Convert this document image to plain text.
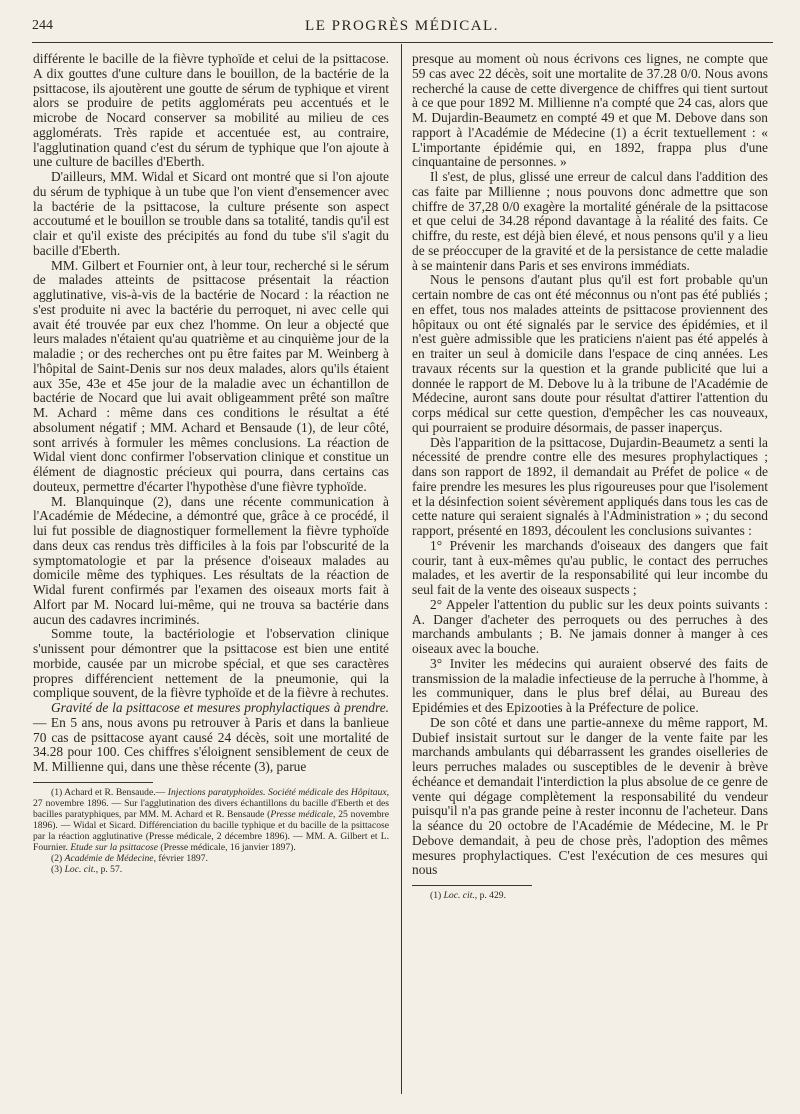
244	LE PROGRÈS MÉDICAL.

différente le bacille de la fièvre typhoïde et celui de la psittacose. A dix gouttes d'une culture dans le bouillon, de la bactérie de la psittacose, ils ajoutèrent une goutte de sérum de typhique et virent alors se produire de petits agglomérats peu accentués et le microbe de Nocard conserver sa mobilité au milieu de ces agglomérats. Très rapide et accentuée est, au contraire, l'agglutination quand c'est du sérum de typhique que l'on ajoute à une culture de bacilles d'Eberth.

D'ailleurs, MM. Widal et Sicard ont montré que si l'on ajoute du sérum de typhique à un tube que l'on vient d'ensemencer avec la bactérie de la psittacose, la culture présente son aspect accoutumé et le bouillon se trouble dans sa totalité, tandis qu'il est clair et qu'il existe des précipités au fond du tube s'il s'agit du bacille d'Eberth.

MM. Gilbert et Fournier ont, à leur tour, recherché si le sérum de malades atteints de psittacose présentait la réaction agglutinative, vis-à-vis de la bactérie de Nocard : la réaction ne s'est produite ni avec la bactérie du perroquet, ni avec celle qui avait été trouvée par eux chez l'homme. On leur a objecté que leurs malades n'étaient qu'au quatrième et au cinquième jour de la maladie ; or des recherches ont pu être faites par M. Weinberg à l'hôpital de Saint-Denis sur nos deux malades, alors qu'ils étaient aux 35e, 43e et 45e jour de la maladie avec un échantillon de bactérie de Nocard que lui avait obligeamment prêté son maître M. Achard : même dans ces conditions le résultat a été absolument négatif ; MM. Achard et Bensaude (1), de leur côté, sont arrivés à formuler les mêmes conclusions. La réaction de Widal vient donc confirmer l'observation clinique et constitue un élément de diagnostic précieux qui pourra, dans certains cas douteux, permettre d'écarter l'hypothèse d'une fièvre typhoïde.

M. Blanquinque (2), dans une récente communication à l'Académie de Médecine, a démontré que, grâce à ce procédé, il lui fut possible de diagnostiquer formellement la fièvre typhoïde dans deux cas rendus très difficiles à la fois par l'obscurité de la symptomatologie et par la présence d'oiseaux malades au domicile même des typhiques. Les résultats de la réaction de Widal furent confirmés par l'examen des oiseaux morts fait à Alfort par M. Nocard lui-même, qui ne trouva sa bactérie dans aucun des cadavres incriminés.

Somme toute, la bactériologie et l'observation clinique s'unissent pour démontrer que la psittacose est bien une entité morbide, causée par un microbe spécial, et que ses caractères propres différencient nettement de la pneumonie, qui la complique souvent, de la fièvre typhoïde et de la fièvre à rechutes.

Gravité de la psittacose et mesures prophylactiques à prendre. — En 5 ans, nous avons pu retrouver à Paris et dans la banlieue 70 cas de psittacose ayant causé 24 décès, soit une mortalité de 34.28 pour 100. Ces chiffres s'éloignent sensiblement de ceux de M. Millienne qui, dans une thèse récente (3), parue

(1) Achard et R. Bensaude.— Injections paratyphoïdes. Société médicale des Hôpitaux, 27 novembre 1896. — Sur l'agglutination des divers échantillons du bacille d'Eberth et des bacilles paratyphiques, par MM. M. Achard et R. Bensaude (Presse médicale, 25 novembre 1896). — Widal et Sicard. Différenciation du bacille typhique et du bacille de la psittacose par la réaction agglutinative (Presse médicale, 2 décembre 1896). — MM. A. Gilbert et L. Fournier. Etude sur la psittacose (Presse médicale, 16 janvier 1897).

(2) Académie de Médecine, février 1897.

(3) Loc. cit., p. 57.

presque au moment où nous écrivons ces lignes, ne compte que 59 cas avec 22 décès, soit une mortalite de 37.28 0/0. Nous avons recherché la cause de cette divergence de chiffres qui tient surtout à ce que pour 1892 M. Millienne n'a compté que 24 cas, alors que M. Dujardin-Beaumetz en compté 49 et que M. Debove dans son rapport à l'Académie de Médecine (1) a écrit textuellement : « L'importante épidémie qui, en 1892, frappa plus d'une cinquantaine de personnes. »

Il s'est, de plus, glissé une erreur de calcul dans l'addition des cas faite par Millienne ; nous pouvons donc admettre que son chiffre de 37,28 0/0 exagère la mortalité générale de la psittacose et que celui de 34.28 répond davantage à la réalité des faits. Ce chiffre, du reste, est déjà bien élevé, et nous pensons qu'il y a lieu de se préoccuper de la gravité et de la persistance de cette maladie à se maintenir dans Paris et ses environs immédiats.

Nous le pensons d'autant plus qu'il est fort probable qu'un certain nombre de cas ont été méconnus ou n'ont pas été publiés ; en effet, tous nos malades atteints de psittacose proviennent des hôpitaux ou ont été signalés par le service des épidémies, et il n'est guère admissible que les praticiens n'aient pas été appelés à en traiter un seul à domicile dans l'espace de cinq années. Les travaux récents sur la question et la grande publicité que lui a donnée le rapport de M. Debove lu à la tribune de l'Académie de Médecine, auront sans doute pour résultat d'attirer l'attention du corps médical sur cette question, d'empêcher les cas nouveaux, qui pourraient se produire désormais, de passer inaperçus.

Dès l'apparition de la psittacose, Dujardin-Beaumetz a senti la nécessité de prendre contre elle des mesures prophylactiques ; dans son rapport de 1892, il demandait au Préfet de police « de faire prendre les mesures les plus rigoureuses pour que l'isolement et la désinfection soient sévèrement appliqués dans tous les cas de cette nature qui seraient signalés à l'Administration » ; du second rapport, présenté en 1893, découlent les conclusions suivantes :

1° Prévenir les marchands d'oiseaux des dangers que fait courir, tant à eux-mêmes qu'au public, le contact des perruches malades, et les avertir de la responsabilité qui leur incombe du seul fait de la vente des oiseaux suspects ;

2° Appeler l'attention du public sur les deux points suivants : A. Danger d'acheter des perroquets ou des perruches à des marchands ambulants ; B. Ne jamais donner à manger à ces oiseaux avec la bouche.

3° Inviter les médecins qui auraient observé des faits de transmission de la maladie infectieuse de la perruche à l'homme, à les communiquer, dans le plus bref délai, au Bureau des Epidémies et des Epizooties à la Préfecture de police.

De son côté et dans une partie-annexe du même rapport, M. Dubief insistait surtout sur le danger de la vente faite par les marchands ambulants qui débarrassent les grandes oiselleries de leurs perruches malades ou susceptibles de le devenir à brève échéance et demandait l'interdiction la plus absolue de ce genre de vente qui dégage complètement la responsabilité du vendeur puisqu'il n'a pas grande peine à rester inconnu de l'acheteur. Dans la séance du 20 octobre de l'Académie de Médecine, M. le Pr Debove demandait, à peu de chose près, l'adoption des mêmes mesures prophylactiques. C'est l'exécution de ces mesures qui nous

(1) Loc. cit., p. 429.
